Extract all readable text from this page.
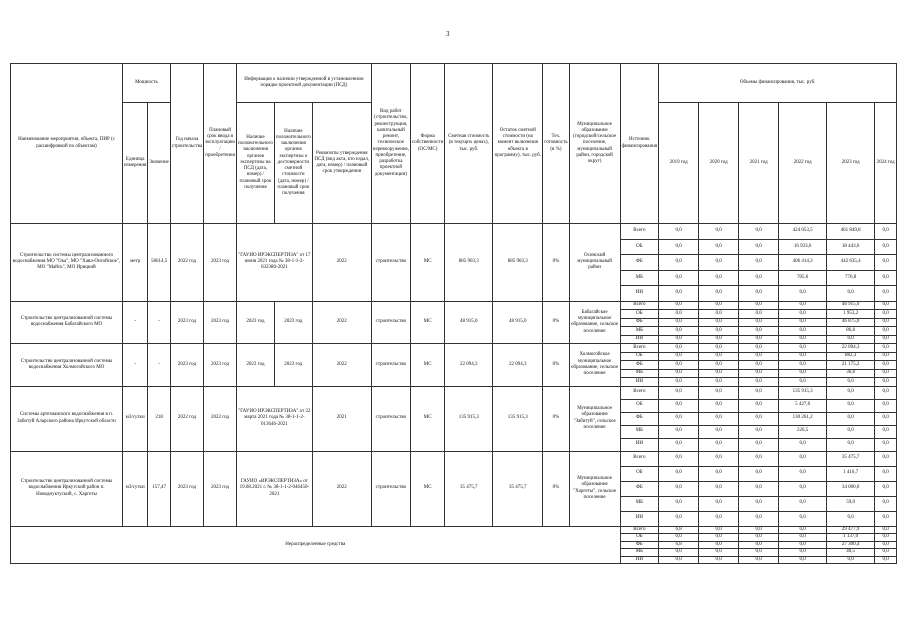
3
Наименование мероприятия, объекта, ПИР (с расшифровкой по объектам)	Мощность		Год начала строительства	Плановый срок ввода в эксплуатацию / приобретения	Информация о наличии утвержденной в установленном порядке проектной документации (ПСД)			Вид работ (строительство, реконструкция, капитальный ремонт, техническое перевооружение, приобретение, разработка проектной документации)	Форма собственности (ОС/МС)	Сметная стоимость (в текущих ценах), тыс. руб.	Остаток сметной стоимости (на момент включения объекта в программу), тыс. руб.	Тех. готовность (в %)	Муниципальное образование (городской/сельское поселение, муниципальный район, городской округ)	Источник финансирования	Объемы финансирования, тыс. руб.					
					Наличие положительного заключения органов экспертизы на ПСД (дата, номер) / плановый срок получения	Наличие положительного заключения органов экспертизы о достоверности сметной стоимости (дата, номер) / плановый срок получения	Реквизиты утверждения ПСД (вид акта, кто издал, дата, номер) / плановый срок утверждения													
	Единица измерения	Значение													2019 год	2020 год	2021 год	2022 год	2023 год	2024 год
Строительство системы централизованного водоснабжения МО "Ока", МО "Хаял-Онгойское", МО "Майск", МО Ирицкий	метр	58614,5	2022 год	2023 год	"ГАУИО ИРЭКСПЕРТИЗА" от 17 июня 2021 года № 38-1-1-2-032380-2021		2022	строительство	МС	885 903,3	885 903,3	0%	Осинский муниципальный район	Всего	0,0	0,0	0,0	424 053,5	461 849,8	0,0
														ОБ	0,0	0,0	0,0	16 933,6	18 443,6	0,0
														ФБ	0,0	0,0	0,0	406 414,3	442 635,4	0,0
														МБ	0,0	0,0	0,0	705,6	770,8	0,0
														ИИ	0,0	0,0	0,0	0,0	0,0	0,0
Строительство централизованной системы водоснабжения Бабагайского МО	-	-	2023 год	2023 год	2023 год	2023 год	2022	строительство	МС	48 915,0	48 915,0	0%	Бабагайское муниципальное образование, сельское поселение	Всего	0,0	0,0	0,0	0,0	48 915,0	0,0
														ОБ	0,0	0,0	0,0	0,0	1 953,2	0,0
														ФБ	0,0	0,0	0,0	0,0	46 875,0	0,0
														МБ	0,0	0,0	0,0	0,0	86,8	0,0
														ИИ	0,0	0,0	0,0	0,0	0,0	0,0
Строительство централизованной системы водоснабжения Холмогойского МО	-	-	2023 год	2023 год	2023 год	2023 год	2022	строительство	МС	22 094,3	22 094,3	0%	Холмогойское муниципальное образование, сельское поселение	Всего	0,0	0,0	0,0	0,0	22 094,3	0,0
														ОБ	0,0	0,0	0,0	0,0	882,3	0,0
														ФБ	0,0	0,0	0,0	0,0	21 175,2	0,0
														МБ	0,0	0,0	0,0	0,0	36,8	0,0
														ИИ	0,0	0,0	0,0	0,0	0,0	0,0
Системы артезианского водоснабжения в п. Забитуй Аларского района Иркутской области	м3/сутки	218	2022 год	2022 год	"ГАУИО ИРЭКСПЕРТИЗА" от 22 марта 2021 года № 38-1-1-2-013646-2021		2021	строительство	МС	135 915,3	135 915,3	0%	Муниципальное образование "Забитуй", сельское поселение	Всего	0,0	0,0	0,0	135 915,3	0,0	0,0
														ОБ	0,0	0,0	0,0	5 427,6	0,0	0,0
														ФБ	0,0	0,0	0,0	130 261,2	0,0	0,0
														МБ	0,0	0,0	0,0	226,5	0,0	0,0
														ИИ	0,0	0,0	0,0	0,0	0,0	0,0
Строительство централизованной системы водоснабжения Иркутский район п. Новоднуктуский, с. Харгеты	м3/сутки	157,47	2023 год	2023 год	ГАУИО «ИРЭКСПЕРТИЗА» от 19.08.2021 г. № 38-1-1-2-046450-2021		2022	строительство	МС	35 475,7	35 475,7	0%	Муниципальное образование "Харгеты", сельское поселение	Всего	0,0	0,0	0,0	0,0	35 475,7	0,0
														ОБ	0,0	0,0	0,0	0,0	1 416,7	0,0
														ФБ	0,0	0,0	0,0	0,0	34 000,0	0,0
														МБ	0,0	0,0	0,0	0,0	59,0	0,0
														ИИ	0,0	0,0	0,0	0,0	0,0	0,0
Нераспределенные средства														Всего	6,8	0,0	0,0	0,0	29 477,9	0,0
														ОБ	0,0	0,0	0,0	0,0	1 137,0	0,0
														ФБ	6,8	0,0	0,0	0,0	27 300,4	0,0
														МБ	0,0	0,0	0,0	0,0	40,5	0,0
														ИИ	0,0	0,0	0,0	0,0	0,0	0,0
